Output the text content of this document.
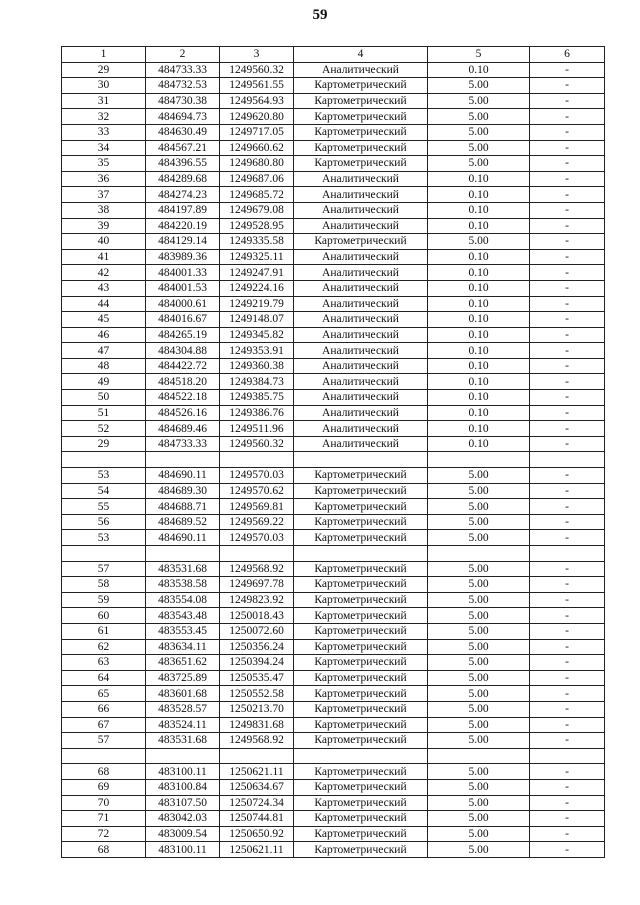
59
1	2	3	4	5	6
29	484733.33	1249560.32	Аналитический	0.10	-
30	484732.53	1249561.55	Картометрический	5.00	-
31	484730.38	1249564.93	Картометрический	5.00	-
32	484694.73	1249620.80	Картометрический	5.00	-
33	484630.49	1249717.05	Картометрический	5.00	-
34	484567.21	1249660.62	Картометрический	5.00	-
35	484396.55	1249680.80	Картометрический	5.00	-
36	484289.68	1249687.06	Аналитический	0.10	-
37	484274.23	1249685.72	Аналитический	0.10	-
38	484197.89	1249679.08	Аналитический	0.10	-
39	484220.19	1249528.95	Аналитический	0.10	-
40	484129.14	1249335.58	Картометрический	5.00	-
41	483989.36	1249325.11	Аналитический	0.10	-
42	484001.33	1249247.91	Аналитический	0.10	-
43	484001.53	1249224.16	Аналитический	0.10	-
44	484000.61	1249219.79	Аналитический	0.10	-
45	484016.67	1249148.07	Аналитический	0.10	-
46	484265.19	1249345.82	Аналитический	0.10	-
47	484304.88	1249353.91	Аналитический	0.10	-
48	484422.72	1249360.38	Аналитический	0.10	-
49	484518.20	1249384.73	Аналитический	0.10	-
50	484522.18	1249385.75	Аналитический	0.10	-
51	484526.16	1249386.76	Аналитический	0.10	-
52	484689.46	1249511.96	Аналитический	0.10	-
29	484733.33	1249560.32	Аналитический	0.10	-

53	484690.11	1249570.03	Картометрический	5.00	-
54	484689.30	1249570.62	Картометрический	5.00	-
55	484688.71	1249569.81	Картометрический	5.00	-
56	484689.52	1249569.22	Картометрический	5.00	-
53	484690.11	1249570.03	Картометрический	5.00	-

57	483531.68	1249568.92	Картометрический	5.00	-
58	483538.58	1249697.78	Картометрический	5.00	-
59	483554.08	1249823.92	Картометрический	5.00	-
60	483543.48	1250018.43	Картометрический	5.00	-
61	483553.45	1250072.60	Картометрический	5.00	-
62	483634.11	1250356.24	Картометрический	5.00	-
63	483651.62	1250394.24	Картометрический	5.00	-
64	483725.89	1250535.47	Картометрический	5.00	-
65	483601.68	1250552.58	Картометрический	5.00	-
66	483528.57	1250213.70	Картометрический	5.00	-
67	483524.11	1249831.68	Картометрический	5.00	-
57	483531.68	1249568.92	Картометрический	5.00	-

68	483100.11	1250621.11	Картометрический	5.00	-
69	483100.84	1250634.67	Картометрический	5.00	-
70	483107.50	1250724.34	Картометрический	5.00	-
71	483042.03	1250744.81	Картометрический	5.00	-
72	483009.54	1250650.92	Картометрический	5.00	-
68	483100.11	1250621.11	Картометрический	5.00	-
